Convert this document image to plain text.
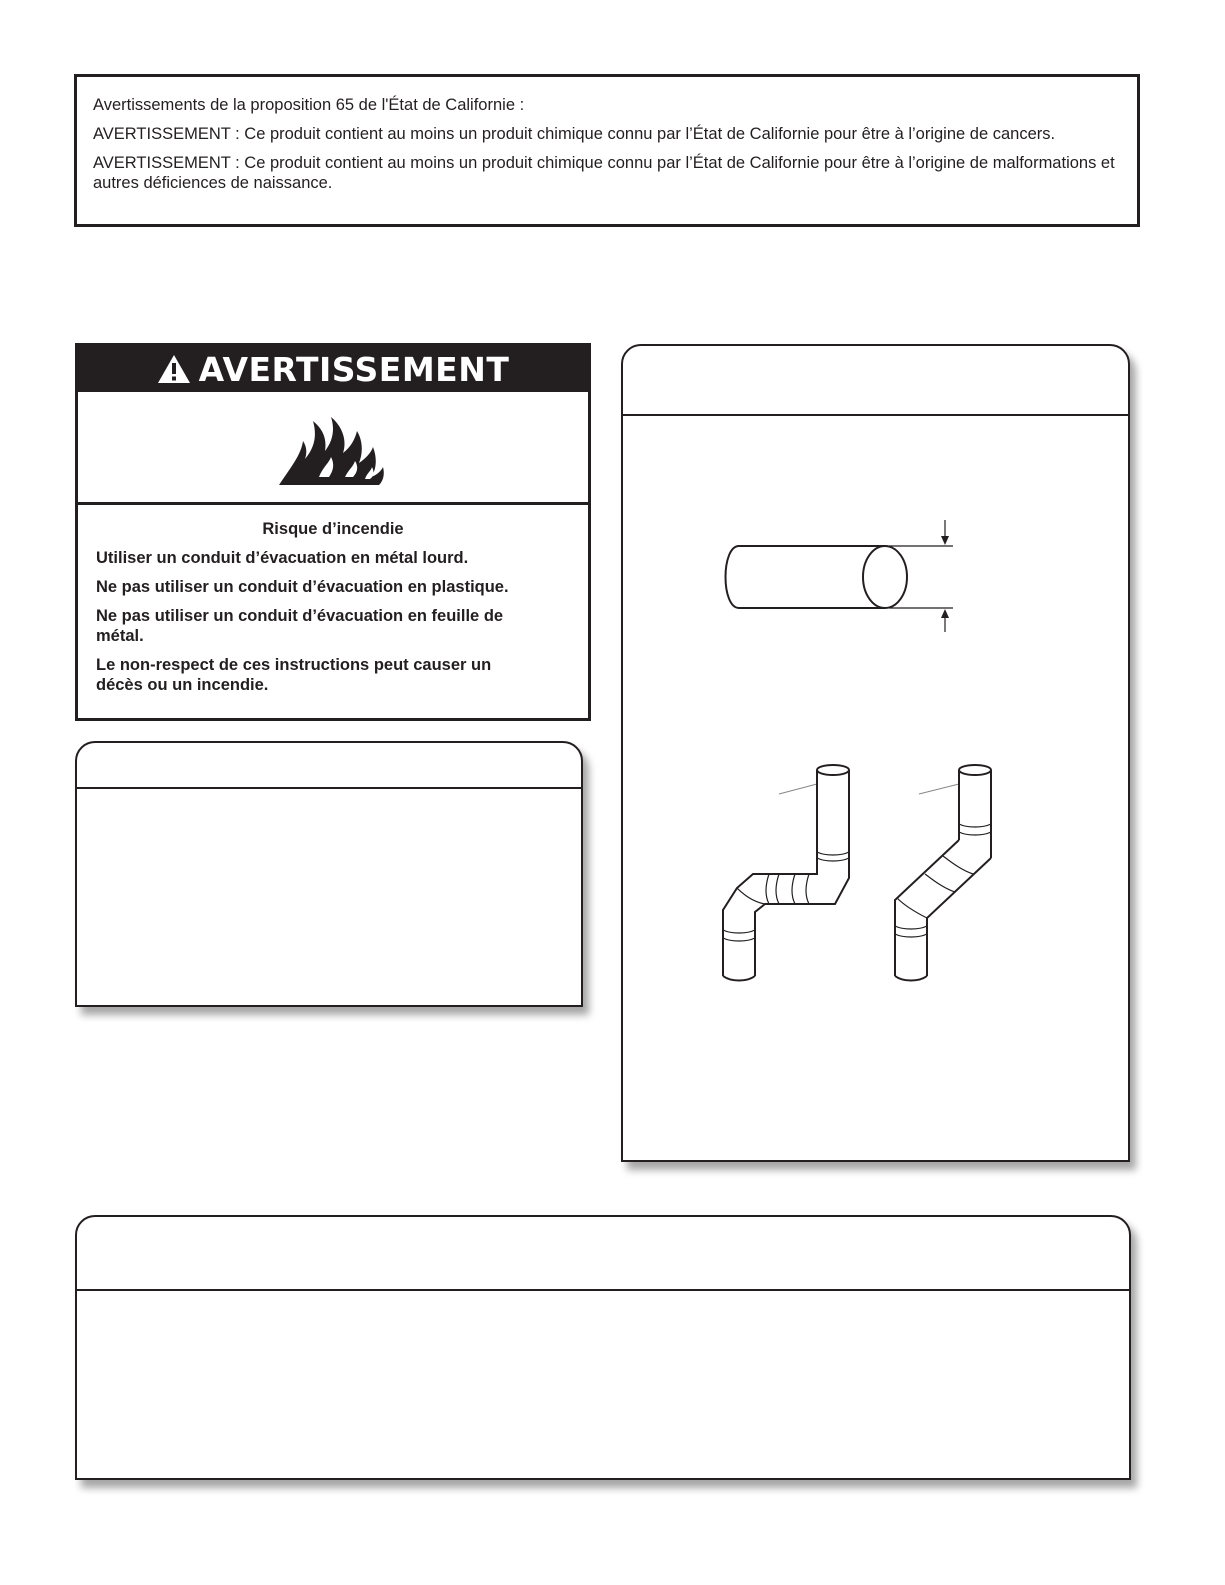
Avertissements de la proposition 65 de l'État de Californie :

AVERTISSEMENT : Ce produit contient au moins un produit chimique connu par l’État de Californie pour être à l’origine de cancers.

AVERTISSEMENT : Ce produit contient au moins un produit chimique connu par l’État de Californie pour être à l’origine de malformations et autres déficiences de naissance.

AVERTISSEMENT

Risque d’incendie

Utiliser un conduit d’évacuation en métal lourd.

Ne pas utiliser un conduit d’évacuation en plastique.

Ne pas utiliser un conduit d’évacuation en feuille de métal.

Le non-respect de ces instructions peut causer un décès ou un incendie.
